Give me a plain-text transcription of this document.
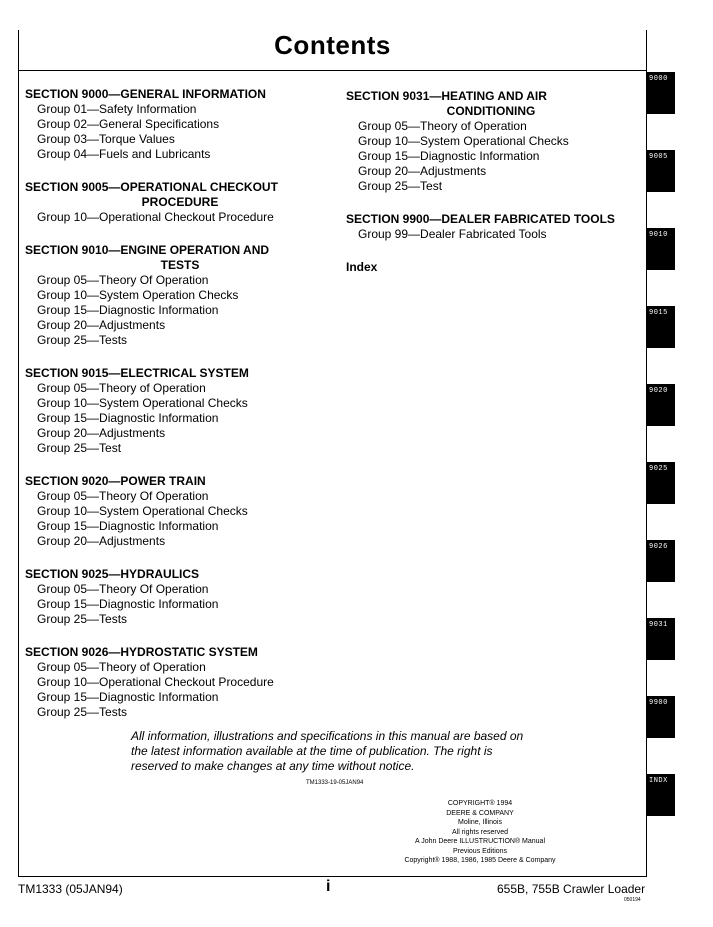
Contents
SECTION 9000—GENERAL INFORMATION
Group 01—Safety Information
Group 02—General Specifications
Group 03—Torque Values
Group 04—Fuels and Lubricants
SECTION 9005—OPERATIONAL CHECKOUT
PROCEDURE
Group 10—Operational Checkout Procedure
SECTION 9010—ENGINE OPERATION AND
TESTS
Group 05—Theory Of Operation
Group 10—System Operation Checks
Group 15—Diagnostic Information
Group 20—Adjustments
Group 25—Tests
SECTION 9015—ELECTRICAL SYSTEM
Group 05—Theory of Operation
Group 10—System Operational Checks
Group 15—Diagnostic Information
Group 20—Adjustments
Group 25—Test
SECTION 9020—POWER TRAIN
Group 05—Theory Of Operation
Group 10—System Operational Checks
Group 15—Diagnostic Information
Group 20—Adjustments
SECTION 9025—HYDRAULICS
Group 05—Theory Of Operation
Group 15—Diagnostic Information
Group 25—Tests
SECTION 9026—HYDROSTATIC SYSTEM
Group 05—Theory of Operation
Group 10—Operational Checkout Procedure
Group 15—Diagnostic Information
Group 25—Tests
SECTION 9031—HEATING AND AIR
CONDITIONING
Group 05—Theory of Operation
Group 10—System Operational Checks
Group 15—Diagnostic Information
Group 20—Adjustments
Group 25—Test
SECTION 9900—DEALER FABRICATED TOOLS
Group 99—Dealer Fabricated Tools
Index
All information, illustrations and specifications in this manual are based on
the latest information available at the time of publication. The right is
reserved to make changes at any time without notice.
TM1333-19-05JAN94
COPYRIGHT® 1994
DEERE & COMPANY
Moline, Illinois
All rights reserved
A John Deere ILLUSTRUCTION® Manual
Previous Editions
Copyright® 1988, 1986, 1985 Deere & Company
TM1333 (05JAN94)	i	655B, 755B Crawler Loader
050194
9000
9005
9010
9015
9020
9025
9026
9031
9900
INDX
